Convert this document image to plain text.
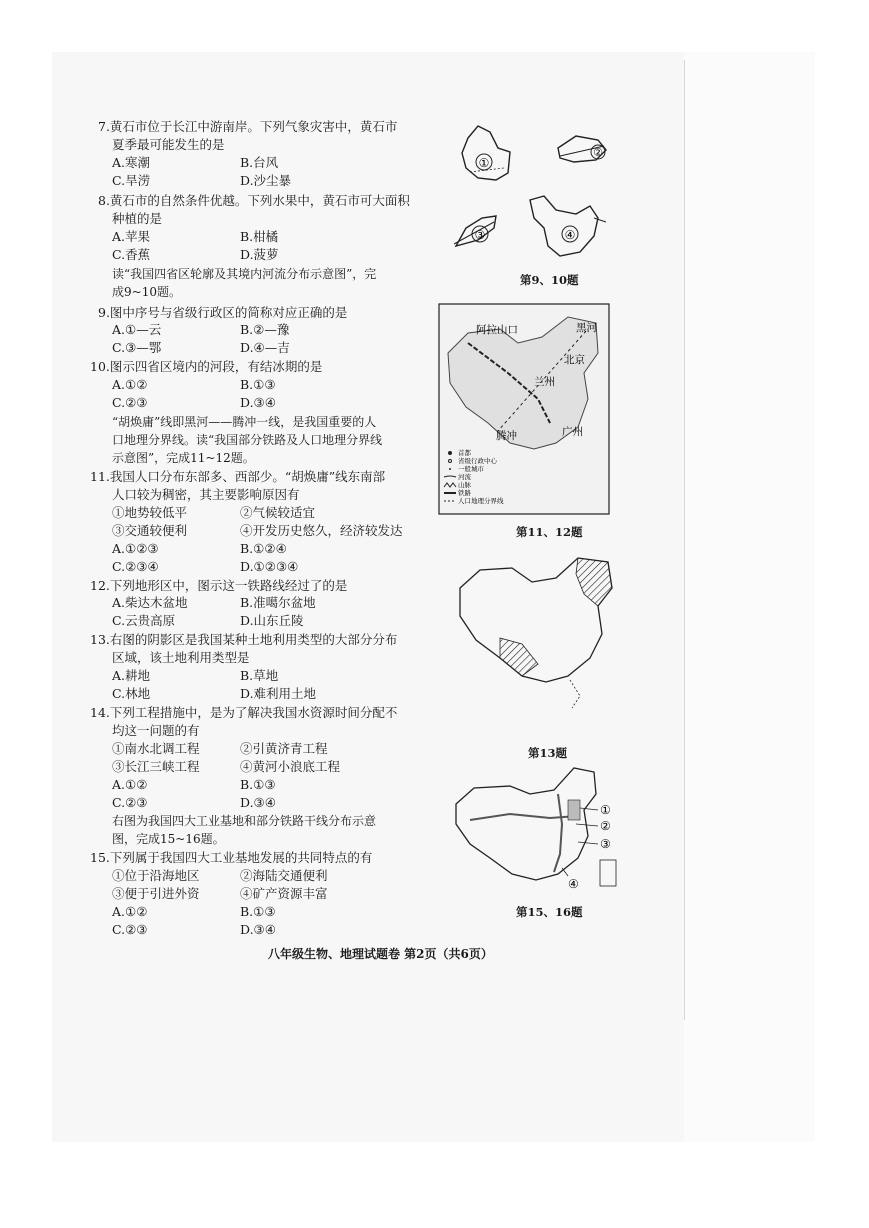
7.黄石市位于长江中游南岸。下列气象灾害中，黄石市
夏季最可能发生的是
A.寒潮	B.台风
C.旱涝	D.沙尘暴
8.黄石市的自然条件优越。下列水果中，黄石市可大面积
种植的是
A.苹果	B.柑橘
C.香蕉	D.菠萝
读“我国四省区轮廓及其境内河流分布示意图”，完
成9~10题。
9.图中序号与省级行政区的简称对应正确的是
A.①—云	B.②—豫
C.③—鄂	D.④—吉
10.图示四省区境内的河段，有结冰期的是
A.①②	B.①③
C.②③	D.③④
“胡焕庸”线即黑河——腾冲一线，是我国重要的人
口地理分界线。读“我国部分铁路及人口地理分界线
示意图”，完成11~12题。
11.我国人口分布东部多、西部少。“胡焕庸”线东南部
人口较为稠密，其主要影响原因有
①地势较低平	②气候较适宜
③交通较便利	④开发历史悠久，经济较发达
A.①②③	B.①②④
C.②③④	D.①②③④
12.下列地形区中，图示这一铁路线经过了的是
A.柴达木盆地	B.准噶尔盆地
C.云贵高原	D.山东丘陵
13.右图的阴影区是我国某种土地利用类型的大部分分布
区域，该土地利用类型是
A.耕地	B.草地
C.林地	D.难利用土地
14.下列工程措施中，是为了解决我国水资源时间分配不
均这一问题的有
①南水北调工程	②引黄济青工程
③长江三峡工程	④黄河小浪底工程
A.①②	B.①③
C.②③	D.③④
右图为我国四大工业基地和部分铁路干线分布示意
图，完成15~16题。
15.下列属于我国四大工业基地发展的共同特点的有
①位于沿海地区	②海陆交通便利
③便于引进外资	④矿产资源丰富
A.①②	B.①③
C.②③	D.③④
①
②
③	④
第9、10题
阿拉山口	黑河
北京
兰州
腾冲	广州
首都
省级行政中心
一般城市
河流
山脉
铁路
人口地理分界线
第11、12题
第13题
①
②
③
④
第15、16题
八年级生物、地理试题卷 第2页（共6页）
